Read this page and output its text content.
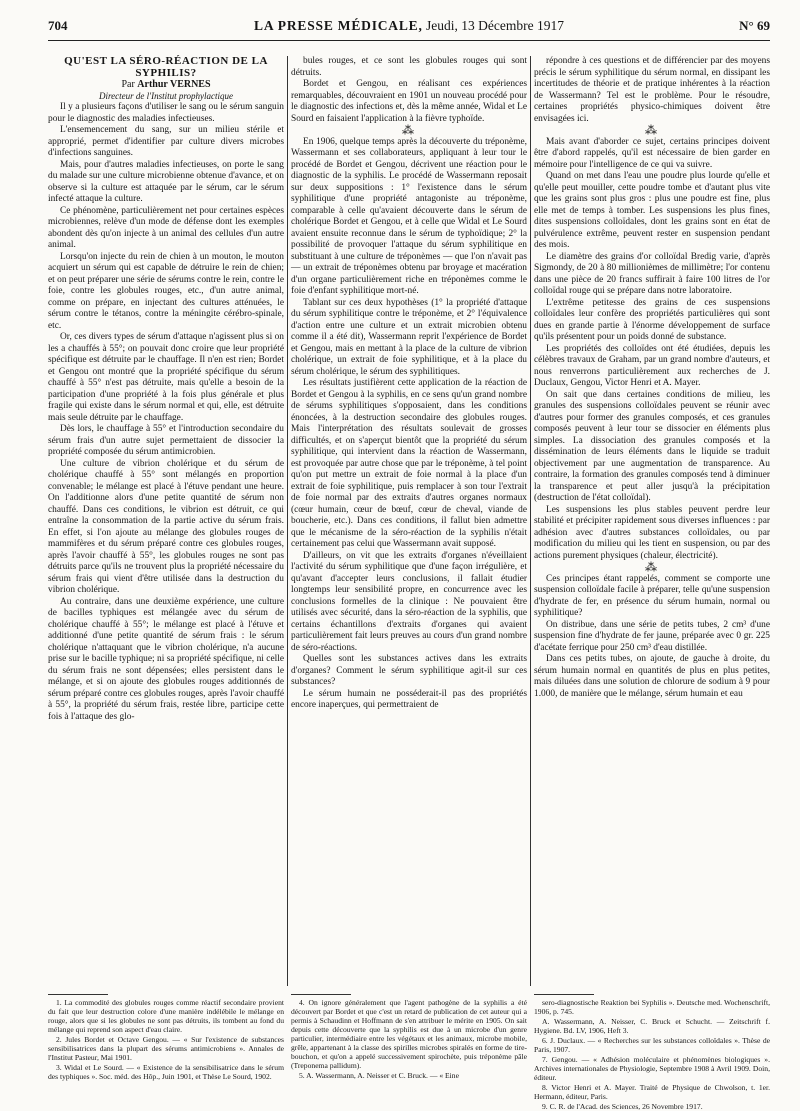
704	LA PRESSE MÉDICALE, Jeudi, 13 Décembre 1917	N° 69

QU'EST LA SÉRO-RÉACTION DE LA SYPHILIS?

Par Arthur VERNES

Directeur de l'Institut prophylactique

Il y a plusieurs façons d'utiliser le sang ou le sérum sanguin pour le diagnostic des maladies infectieuses.

L'ensemencement du sang, sur un milieu stérile et approprié, permet d'identifier par culture divers microbes d'infections sanguines.

Mais, pour d'autres maladies infectieuses, on porte le sang du malade sur une culture microbienne obtenue d'avance, et on observe si la culture est attaquée par le sérum, car le sérum infecté attaque la culture.

Ce phénomène, particulièrement net pour certaines espèces microbiennes, relève d'un mode de défense dont les exemples abondent dès qu'on injecte à un animal des cellules d'un autre animal.

Lorsqu'on injecte du rein de chien à un mouton, le mouton acquiert un sérum qui est capable de détruire le rein de chien; et on peut préparer une série de sérums contre le rein, contre le foie, contre les globules rouges, etc., d'un autre animal, comme on prépare, en injectant des cultures atténuées, le sérum contre le tétanos, contre la méningite cérébro-spinale, etc.

Or, ces divers types de sérum d'attaque n'agissent plus si on les a chauffés à 55°; on pouvait donc croire que leur propriété spécifique est détruite par le chauffage. Il n'en est rien; Bordet et Gengou ont montré que la propriété spécifique du sérum chauffé à 55° n'est pas détruite, mais qu'elle a besoin de la participation d'une propriété à la fois plus générale et plus fragile qui existe dans le sérum normal et qui, elle, est détruite mais seule détruite par le chauffage.

Dès lors, le chauffage à 55° et l'introduction secondaire du sérum frais d'un autre sujet permettaient de dissocier la propriété composée du sérum antimicrobien.

Une culture de vibrion cholérique et du sérum de cholérique chauffé à 55° sont mélangés en proportion convenable; le mélange est placé à l'étuve pendant une heure. On l'additionne alors d'une petite quantité de sérum non chauffé. Dans ces conditions, le vibrion est détruit, ce qui entraîne la consommation de la partie active du sérum frais. En effet, si l'on ajoute au mélange des globules rouges de mammifères et du sérum préparé contre ces globules rouges, après l'avoir chauffé à 55°, les globules rouges ne sont pas détruits parce qu'ils ne trouvent plus la propriété nécessaire du sérum frais qui vient d'être utilisée dans la destruction du vibrion cholérique.

Au contraire, dans une deuxième expérience, une culture de bacilles typhiques est mélangée avec du sérum de cholérique chauffé à 55°; le mélange est placé à l'étuve et additionné d'une petite quantité de sérum frais : le sérum cholérique n'attaquant que le vibrion cholérique, n'a aucune prise sur le bacille typhique; ni sa propriété spécifique, ni celle du sérum frais ne sont dépensées; elles persistent dans le mélange, et si on ajoute des globules rouges additionnés de sérum préparé contre ces globules rouges, après l'avoir chauffé à 55°, la propriété du sérum frais, restée libre, participe cette fois à l'attaque des glo-

bules rouges, et ce sont les globules rouges qui sont détruits.

Bordet et Gengou, en réalisant ces expériences remarquables, découvraient en 1901 un nouveau procédé pour le diagnostic des infections et, dès la même année, Widal et Le Sourd en faisaient l'application à la fièvre typhoïde.

⁂

En 1906, quelque temps après la découverte du tréponème, Wassermann et ses collaborateurs, appliquant à leur tour le procédé de Bordet et Gengou, décrivent une réaction pour le diagnostic de la syphilis. Le procédé de Wassermann reposait sur deux suppositions : 1° l'existence dans le sérum syphilitique d'une propriété antagoniste au tréponème, comparable à celle qu'avaient découverte dans le sérum de cholérique Bordet et Gengou, et à celle que Widal et Le Sourd avaient ensuite reconnue dans le sérum de typhoïdique; 2° la possibilité de provoquer l'attaque du sérum syphilitique en substituant à une culture de tréponèmes — que l'on n'avait pas — un extrait de tréponèmes obtenu par broyage et macération d'un organe particulièrement riche en tréponèmes comme le foie d'enfant syphilitique mort-né.

Tablant sur ces deux hypothèses (1° la propriété d'attaque du sérum syphilitique contre le tréponème, et 2° l'équivalence d'action entre une culture et un extrait microbien obtenu comme il a été dit), Wassermann reprit l'expérience de Bordet et Gengou, mais en mettant à la place de la culture de vibrion cholérique, un extrait de foie syphilitique, et à la place du sérum cholérique, le sérum des syphilitiques.

Les résultats justifièrent cette application de la réaction de Bordet et Gengou à la syphilis, en ce sens qu'un grand nombre de sérums syphilitiques s'opposaient, dans les conditions énoncées, à la destruction secondaire des globules rouges. Mais l'interprétation des résultats soulevait de grosses difficultés, et on s'aperçut bientôt que la propriété du sérum syphilitique, qui intervient dans la réaction de Wassermann, est provoquée par autre chose que par le tréponème, à tel point qu'on put mettre un extrait de foie normal à la place d'un extrait de foie syphilitique, puis remplacer à son tour l'extrait de foie normal par des extraits d'autres organes normaux (cœur humain, cœur de bœuf, cœur de cheval, viande de boucherie, etc.). Dans ces conditions, il fallut bien admettre que le mécanisme de la séro-réaction de la syphilis n'était certainement pas celui que Wassermann avait supposé.

D'ailleurs, on vit que les extraits d'organes n'éveillaient l'activité du sérum syphilitique que d'une façon irrégulière, et qu'avant d'accepter leurs conclusions, il fallait étudier longtemps leur sensibilité propre, en concurrence avec les conclusions formelles de la clinique : Ne pouvaient être utilisés avec sécurité, dans la séro-réaction de la syphilis, que certains échantillons d'extraits d'organes qui avaient particulièrement fait leurs preuves au cours d'un grand nombre de séro-réactions.

Quelles sont les substances actives dans les extraits d'organes? Comment le sérum syphilitique agit-il sur ces substances?

Le sérum humain ne posséderait-il pas des propriétés encore inaperçues, qui permettraient de

répondre à ces questions et de différencier par des moyens précis le sérum syphilitique du sérum normal, en dissipant les incertitudes de théorie et de pratique inhérentes à la réaction de Wassermann? Tel est le problème. Pour le résoudre, certaines propriétés physico-chimiques doivent être envisagées ici.

⁂

Mais avant d'aborder ce sujet, certains principes doivent être d'abord rappelés, qu'il est nécessaire de bien garder en mémoire pour l'intelligence de ce qui va suivre.

Quand on met dans l'eau une poudre plus lourde qu'elle et qu'elle peut mouiller, cette poudre tombe et d'autant plus vite que les grains sont plus gros : plus une poudre est fine, plus elle met de temps à tomber. Les suspensions les plus fines, dites suspensions colloïdales, dont les grains sont en état de pulvérulence extrême, peuvent rester en suspension pendant des mois.

Le diamètre des grains d'or colloïdal Bredig varie, d'après Sigmondy, de 20 à 80 millionièmes de millimètre; l'or contenu dans une pièce de 20 francs suffirait à faire 100 litres de l'or colloïdal rouge qui se prépare dans notre laboratoire.

L'extrême petitesse des grains de ces suspensions colloïdales leur confère des propriétés particulières qui sont dues en grande partie à l'énorme développement de surface qu'ils présentent pour un poids donné de substance.

Les propriétés des colloïdes ont été étudiées, depuis les célèbres travaux de Graham, par un grand nombre d'auteurs, et nous renverrons particulièrement aux recherches de J. Duclaux, Gengou, Victor Henri et A. Mayer.

On sait que dans certaines conditions de milieu, les granules des suspensions colloïdales peuvent se réunir avec d'autres pour former des granules composés, et ces granules composés peuvent à leur tour se dissocier en éléments plus simples. La dissociation des granules composés et la dissémination de leurs éléments dans le liquide se traduit objectivement par une augmentation de transparence. Au contraire, la formation des granules composés tend à diminuer la transparence et peut aller jusqu'à la précipitation (destruction de l'état colloïdal).

Les suspensions les plus stables peuvent perdre leur stabilité et précipiter rapidement sous diverses influences : par adhésion avec d'autres substances colloïdales, ou par modification du milieu qui les tient en suspension, ou par des actions purement physiques (chaleur, électricité).

⁂

Ces principes étant rappelés, comment se comporte une suspension colloïdale facile à préparer, telle qu'une suspension d'hydrate de fer, en présence du sérum humain, normal ou syphilitique?

On distribue, dans une série de petits tubes, 2 cm³ d'une suspension fine d'hydrate de fer jaune, préparée avec 0 gr. 225 d'acétate ferrique pour 250 cm³ d'eau distillée.

Dans ces petits tubes, on ajoute, de gauche à droite, du sérum humain normal en quantités de plus en plus petites, mais diluées dans une solution de chlorure de sodium à 9 pour 1.000, de manière que le mélange, sérum humain et eau

1. La commodité des globules rouges comme réactif secondaire provient du fait que leur destruction colore d'une manière indélébile le mélange en rouge, alors que si les globules ne sont pas détruits, ils tombent au fond du mélange qui reprend son aspect d'eau claire.

2. Jules Bordet et Octave Gengou. — « Sur l'existence de substances sensibilisatrices dans la plupart des sérums antimicrobiens ». Annales de l'Institut Pasteur, Mai 1901.

3. Widal et Le Sourd. — « Existence de la sensibilisatrice dans le sérum des typhiques ». Soc. méd. des Hôp., Juin 1901, et Thèse Le Sourd, 1902.

4. On ignore généralement que l'agent pathogène de la syphilis a été découvert par Bordet et que c'est un retard de publication de cet auteur qui a permis à Schaudinn et Hoffmann de s'en attribuer le mérite en 1905. On sait depuis cette découverte que la syphilis est due à un microbe d'un genre particulier, intermédiaire entre les végétaux et les animaux, microbe mobile, grêle, appartenant à la classe des spirilles microbes spiralés en forme de tire-bouchon, et qu'on a appelé successivement spirochète, puis tréponème pâle (Treponema pallidum).

5. A. Wassermann, A. Neisser et C. Bruck. — « Eine

sero-diagnostische Reaktion bei Syphilis ». Deutsche med. Wochenschrift, 1906, p. 745.

A. Wassermann, A. Neisser, C. Bruck et Schucht. — Zeitschrift f. Hygiene. Bd. LV, 1906, Heft 3.

6. J. Duclaux. — « Recherches sur les substances colloïdales ». Thèse de Paris, 1907.

7. Gengou. — « Adhésion moléculaire et phénomènes biologiques ». Archives internationales de Physiologie, Septembre 1908 à Avril 1909. Doin, éditeur.

8. Victor Henri et A. Mayer. Traité de Physique de Chwolson, t. 1er. Hermann, éditeur, Paris.

9. C. R. de l'Acad. des Sciences, 26 Novembre 1917.
